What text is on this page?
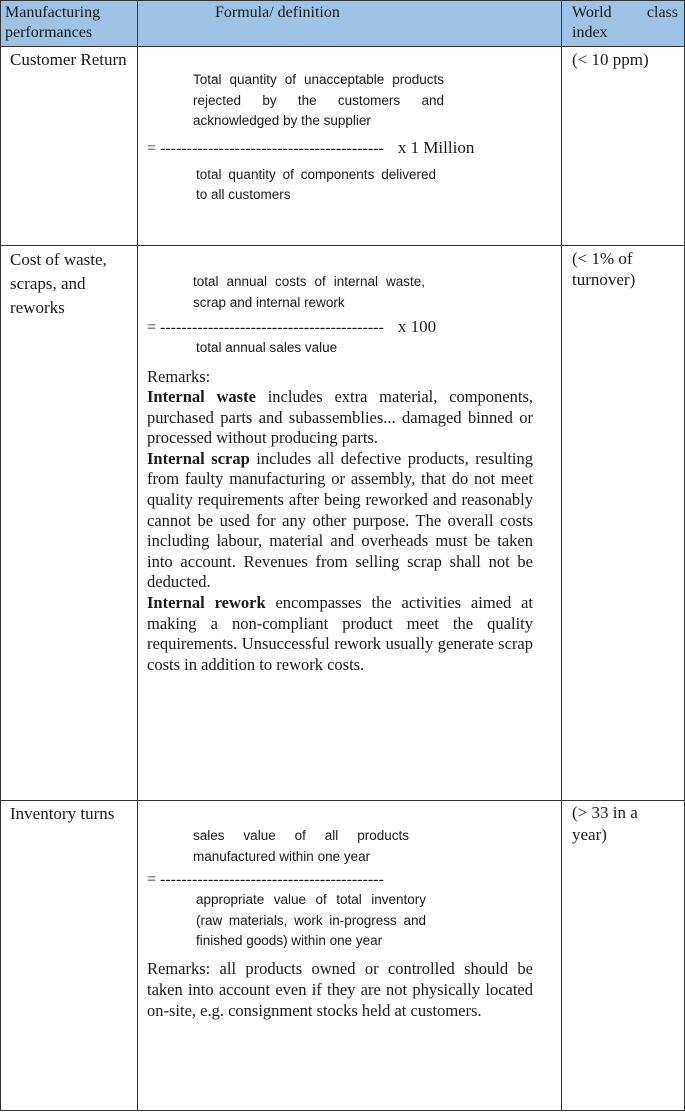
Manufacturing performances
Formula/ definition	World class index
Customer Return
Total quantity of unacceptable products rejected by the customers and acknowledged by the supplier
= ------------------------------------------ x 1 Million
total quantity of components delivered to all customers
(< 10 ppm)
Cost of waste, scraps, and reworks
total annual costs of internal waste, scrap and internal rework
= ------------------------------------------ x 100
total annual sales value

Remarks:

Internal waste includes extra material, components, purchased parts and subassemblies... damaged binned or processed without producing parts.

Internal scrap includes all defective products, resulting from faulty manufacturing or assembly, that do not meet quality requirements after being reworked and reasonably cannot be used for any other purpose. The overall costs including labour, material and overheads must be taken into account. Revenues from selling scrap shall not be deducted.

Internal rework encompasses the activities aimed at making a non-compliant product meet the quality requirements. Unsuccessful rework usually generate scrap costs in addition to rework costs.

(< 1% of turnover)
Inventory turns
sales value of all products manufactured within one year
= ------------------------------------------
appropriate value of total inventory (raw materials, work in-progress and finished goods) within one year
Remarks: all products owned or controlled should be taken into account even if they are not physically located on-site, e.g. consignment stocks held at customers.
(> 33 in a year)
